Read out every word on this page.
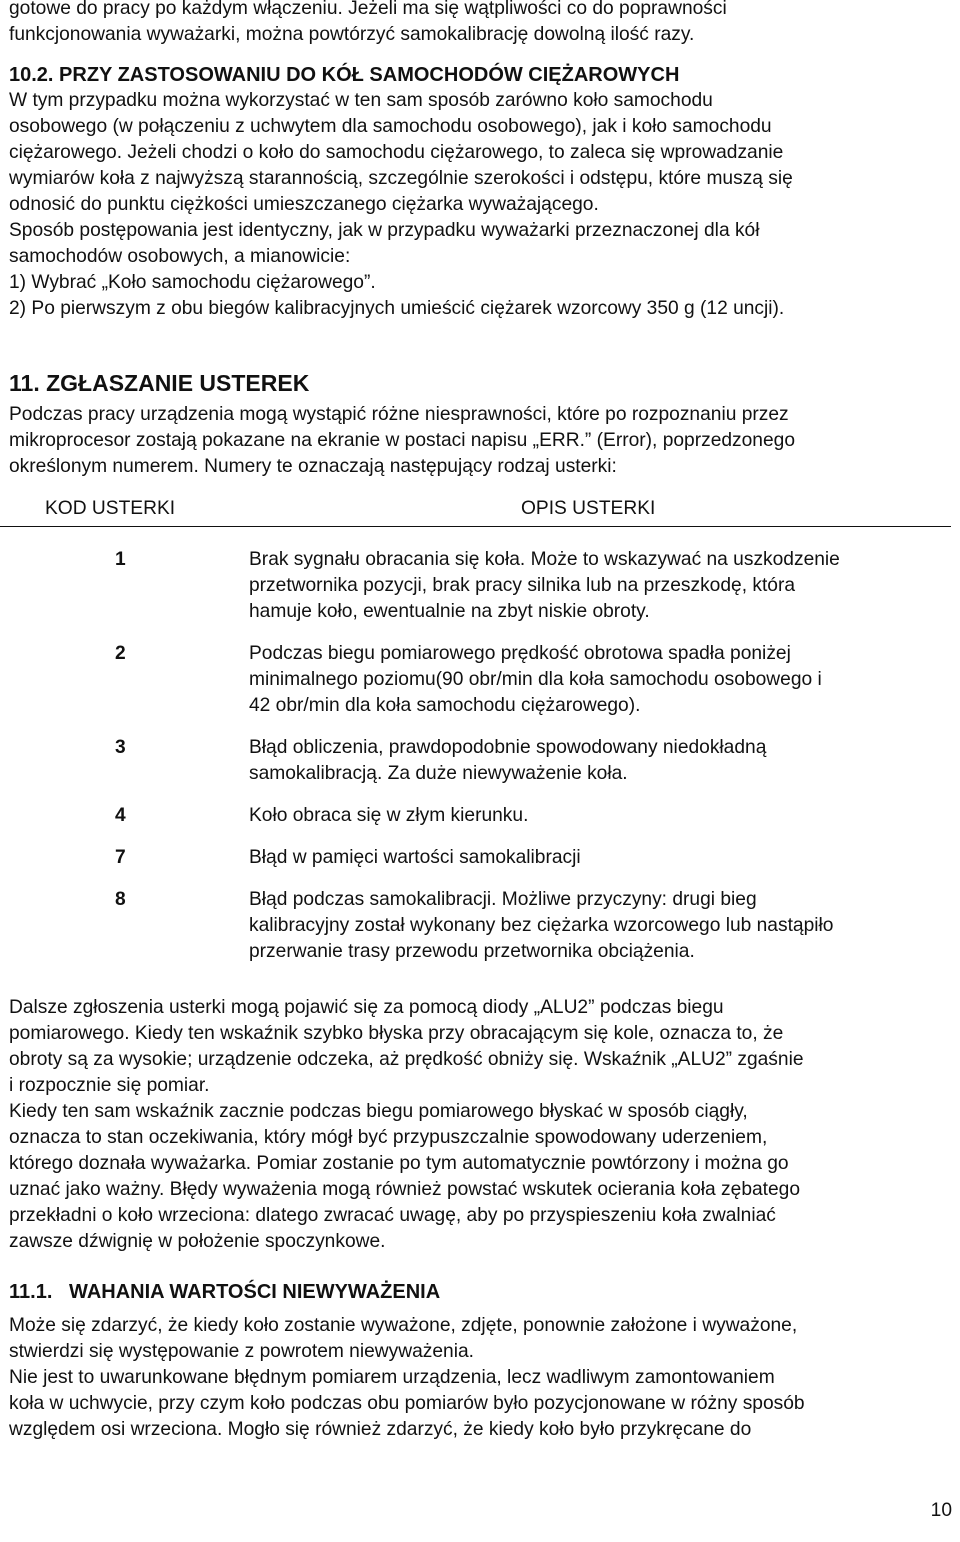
gotowe do pracy po każdym włączeniu. Jeżeli ma się wątpliwości co do poprawności
funkcjonowania wyważarki, można powtórzyć samokalibrację dowolną ilość razy.
10.2. PRZY ZASTOSOWANIU DO KÓŁ SAMOCHODÓW CIĘŻAROWYCH
W tym przypadku można wykorzystać w ten sam sposób zarówno koło samochodu
osobowego (w połączeniu z uchwytem dla samochodu osobowego), jak i koło samochodu
ciężarowego. Jeżeli chodzi o koło do samochodu ciężarowego, to zaleca się wprowadzanie
wymiarów koła z najwyższą starannością, szczególnie szerokości i odstępu, które muszą się
odnosić do punktu ciężkości umieszczanego ciężarka wyważającego.
Sposób postępowania jest identyczny, jak w przypadku wyważarki przeznaczonej dla kół
samochodów osobowych, a mianowicie:
1) Wybrać „Koło samochodu ciężarowego”.
2) Po pierwszym z obu biegów kalibracyjnych umieścić ciężarek wzorcowy 350 g (12 uncji).
11. ZGŁASZANIE USTEREK
Podczas pracy urządzenia mogą wystąpić różne niesprawności, które po rozpoznaniu przez
mikroprocesor zostają pokazane na ekranie w postaci napisu „ERR.” (Error), poprzedzonego
określonym numerem. Numery te oznaczają następujący rodzaj usterki:
KOD USTERKI	OPIS USTERKI
1	Brak sygnału obracania się koła. Może to wskazywać na uszkodzenie
przetwornika pozycji, brak pracy silnika lub na przeszkodę, która
hamuje koło, ewentualnie na zbyt niskie obroty.
2	Podczas biegu pomiarowego prędkość obrotowa spadła poniżej
minimalnego poziomu(90 obr/min dla koła samochodu osobowego i
42 obr/min dla koła samochodu ciężarowego).
3	Błąd obliczenia, prawdopodobnie spowodowany niedokładną
samokalibracją. Za duże niewyważenie koła.
4	Koło obraca się w złym kierunku.
7	Błąd w pamięci wartości samokalibracji
8	Błąd podczas samokalibracji. Możliwe przyczyny: drugi bieg
kalibracyjny został wykonany bez ciężarka wzorcowego lub nastąpiło
przerwanie trasy przewodu przetwornika obciążenia.
Dalsze zgłoszenia usterki mogą pojawić się za pomocą diody „ALU2” podczas biegu
pomiarowego. Kiedy ten wskaźnik szybko błyska przy obracającym się kole, oznacza to, że
obroty są za wysokie; urządzenie odczeka, aż prędkość obniży się. Wskaźnik „ALU2” zgaśnie
i rozpocznie się pomiar.
Kiedy ten sam wskaźnik zacznie podczas biegu pomiarowego błyskać w sposób ciągły,
oznacza to stan oczekiwania, który mógł być przypuszczalnie spowodowany uderzeniem,
którego doznała wyważarka. Pomiar zostanie po tym automatycznie powtórzony i można go
uznać jako ważny. Błędy wyważenia mogą również powstać wskutek ocierania koła zębatego
przekładni o koło wrzeciona: dlatego zwracać uwagę, aby po przyspieszeniu koła zwalniać
zawsze dźwignię w położenie spoczynkowe.
11.1.   WAHANIA WARTOŚCI NIEWYWAŻENIA
Może się zdarzyć, że kiedy koło zostanie wyważone, zdjęte, ponownie założone i wyważone,
stwierdzi się występowanie z powrotem niewyważenia.
Nie jest to uwarunkowane błędnym pomiarem urządzenia, lecz wadliwym zamontowaniem
koła w uchwycie, przy czym koło podczas obu pomiarów było pozycjonowane w różny sposób
względem osi wrzeciona. Mogło się również zdarzyć, że kiedy koło było przykręcane do
10
